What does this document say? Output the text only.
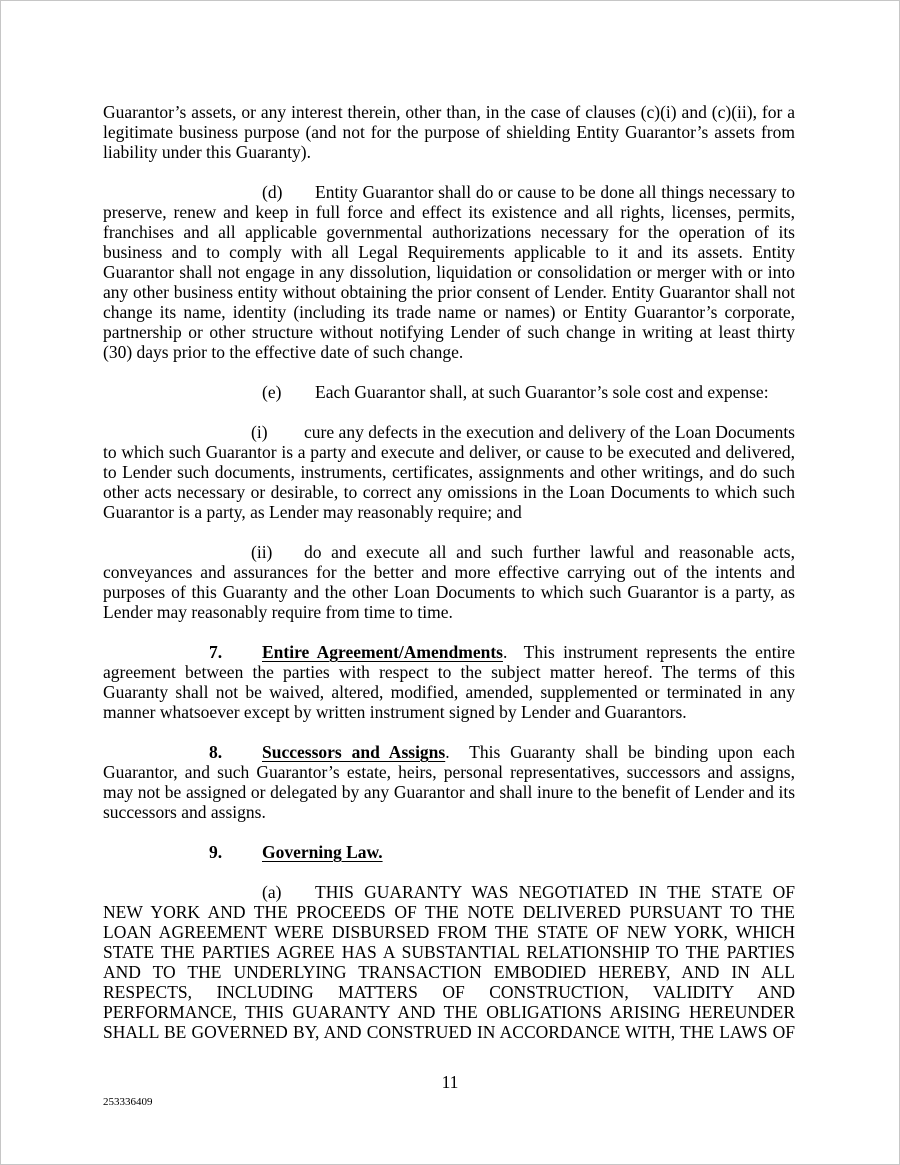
Guarantor’s assets, or any interest therein, other than, in the case of clauses (c)(i) and (c)(ii), for a legitimate business purpose (and not for the purpose of shielding Entity Guarantor’s assets from liability under this Guaranty).

(d) Entity Guarantor shall do or cause to be done all things necessary to preserve, renew and keep in full force and effect its existence and all rights, licenses, permits, franchises and all applicable governmental authorizations necessary for the operation of its business and to comply with all Legal Requirements applicable to it and its assets. Entity Guarantor shall not engage in any dissolution, liquidation or consolidation or merger with or into any other business entity without obtaining the prior consent of Lender. Entity Guarantor shall not change its name, identity (including its trade name or names) or Entity Guarantor’s corporate, partnership or other structure without notifying Lender of such change in writing at least thirty (30) days prior to the effective date of such change.

(e) Each Guarantor shall, at such Guarantor’s sole cost and expense:

(i) cure any defects in the execution and delivery of the Loan Documents to which such Guarantor is a party and execute and deliver, or cause to be executed and delivered, to Lender such documents, instruments, certificates, assignments and other writings, and do such other acts necessary or desirable, to correct any omissions in the Loan Documents to which such Guarantor is a party, as Lender may reasonably require; and

(ii) do and execute all and such further lawful and reasonable acts, conveyances and assurances for the better and more effective carrying out of the intents and purposes of this Guaranty and the other Loan Documents to which such Guarantor is a party, as Lender may reasonably require from time to time.

7. Entire Agreement/Amendments.  This instrument represents the entire agreement between the parties with respect to the subject matter hereof. The terms of this Guaranty shall not be waived, altered, modified, amended, supplemented or terminated in any manner whatsoever except by written instrument signed by Lender and Guarantors.

8. Successors and Assigns.  This Guaranty shall be binding upon each Guarantor, and such Guarantor’s estate, heirs, personal representatives, successors and assigns, may not be assigned or delegated by any Guarantor and shall inure to the benefit of Lender and its successors and assigns.

9. Governing Law.

(a) THIS GUARANTY WAS NEGOTIATED IN THE STATE OF NEW YORK AND THE PROCEEDS OF THE NOTE DELIVERED PURSUANT TO THE LOAN AGREEMENT WERE DISBURSED FROM THE STATE OF NEW YORK, WHICH STATE THE PARTIES AGREE HAS A SUBSTANTIAL RELATIONSHIP TO THE PARTIES AND TO THE UNDERLYING TRANSACTION EMBODIED HEREBY, AND IN ALL RESPECTS, INCLUDING MATTERS OF CONSTRUCTION, VALIDITY AND PERFORMANCE, THIS GUARANTY AND THE OBLIGATIONS ARISING HEREUNDER SHALL BE GOVERNED BY, AND CONSTRUED IN ACCORDANCE WITH, THE LAWS OF

11
253336409
